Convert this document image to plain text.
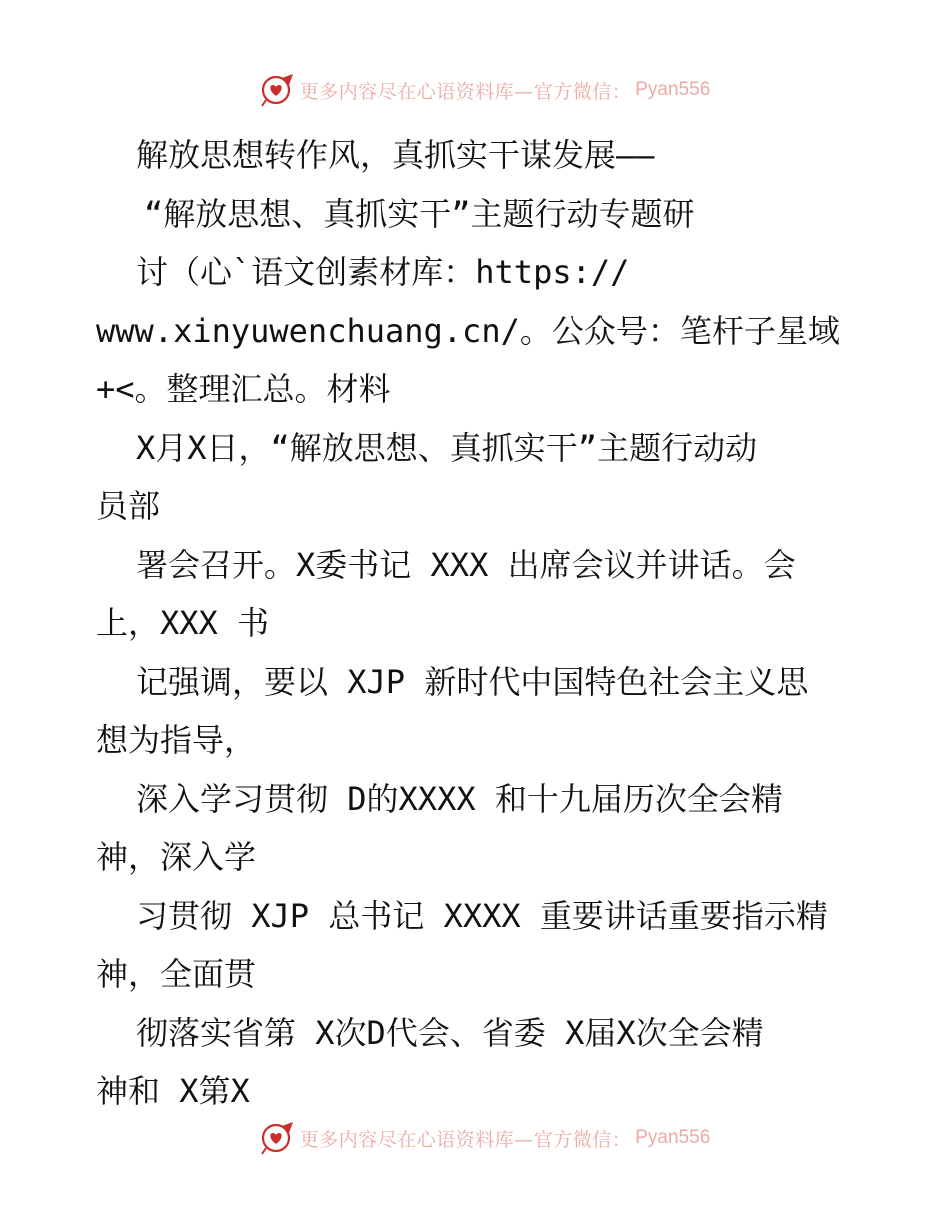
更多内容尽在心语资料库—官方微信： Pyan556
解放思想转作风，真抓实干谋发展——
“解放思想、真抓实干”主题行动专题研
讨（心`语文创素材库：https://
www.xinyuwenchuang.cn/。公众号：笔杆子星域
+<。整理汇总。材料
X月X日，“解放思想、真抓实干”主题行动动
员部
署会召开。X委书记 XXX 出席会议并讲话。会
上，XXX 书
记强调，要以 XJP 新时代中国特色社会主义思
想为指导，
深入学习贯彻 D的XXXX 和十九届历次全会精
神，深入学
习贯彻 XJP 总书记 XXXX 重要讲话重要指示精
神，全面贯
彻落实省第 X次D代会、省委 X届X次全会精
神和 X第X
更多内容尽在心语资料库—官方微信： Pyan556
